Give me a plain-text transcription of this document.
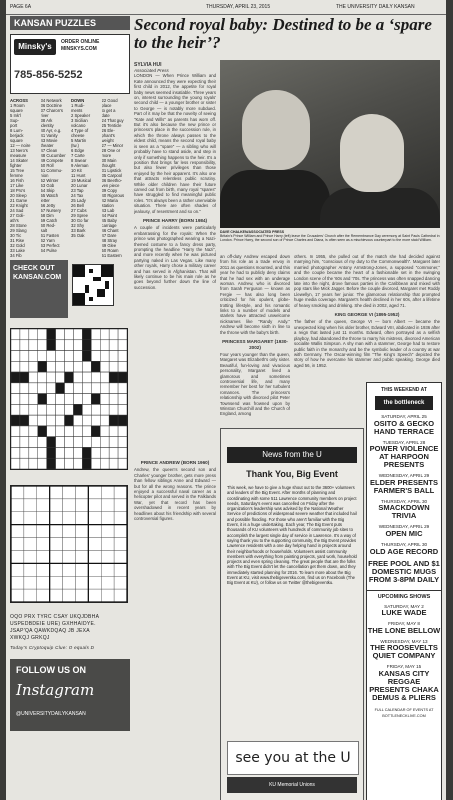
PAGE 6A	THURSDAY, APRIL 23, 2015	THE UNIVERSITY DAILY KANSAN
KANSAN PUZZLES
Minsky's	ORDER ONLINE
MINSKYS.COM
785-856-5252
ACROSS
1 Room
square
5 Ink'l
Sup-
port
8 Lum-
berjack
square
12 — noire
13 Nero's
measure
14 Skater
fighter
15 Tree
femme
16 Fish
17 Like
18 Pro's
20 Sleep
21 Game
22 Knight
24 Sad
27 Goli-
ath's
28 Stone
29 Slang
30 Tic
31 Rise
32 Gold
33 Lake
34 Fib

34 Network
36 Doctrine
37 Charon's
river
38 Ark
identity
40 Ayr, e.g.
41 Vanity
43 Movie
theater
47 Clean
48 Cucumber
49 Compete
50 Roll
51 Commu-
nion
52 Winter
53 Gob
54 Skip
55 Watch
letter
56 Jetty
57 Nursery
58 Dim
59 Catch
60 Red-
salt
61 Fasten
62 Yarn
63 Perfect
64 Pulse
DOWN
1 Rudi-
ments
2 Speaker
3 Sicilian
volcano
4 Type of
cheese
5 Martin
(tw.)
6 Edge
7 Carte
8 Swear
9 Aleman
10 Kit
11 Hunt
19 Musical
20 Lunar
23 Tap
24 Tax
25 Lady
26 Bell
27 Cubs
29 Spree
30 Go far
32 Shy
33 Bark
35 Oak
22 Good
place
to get a
date
24 That guy
25 Tenticle
26 Ele-
phant's
weight
27 — Minor
28 One or
more
30 Main
thought
31 Lipstick
35 Carpool
36 Beetho-
ven piece
39 Copy
40 Rigorous
42 Maria
station
43 Lab
44 Paint
45 Baby
carriage
46 Chant
47 Dare
48 Stray
49 Glee
50 Roam
51 Eastern

CHECK OUT KANSAN.COM

OQO PRX TYRC CSAY UKQJDBHA
USPEDBDEIE URE) GXHHAIDYE.
JSAP'QA QAWKDQAQ JB JEXA
XWKQJ GRKQJ
Today's Cryptoquip Clue: O equals D
FOLLOW US ON
Instagram
@UNIVERSITYDAILYKANSAN
Second royal baby: Destined to be a ‘spare to the heir’?
SYLVIA HUI
Associated Press
LONDON — When Prince William and Kate announced they were expecting their first child in 2012, the appetite for royal baby news seemed insatiable. Three years on, interest surrounding the young royals' second child — a younger brother or sister to George — is notably more subdued. Part of it may be that the novelty of seeing "Kate and Wills" as parents has worn off. But it's also because the new prince or princess's place in the succession rule, in which the throne always passes to the eldest child, means the second royal baby is seen as a "spare" — a sibling who will probably have to stand aside, and step in only if something happens to the heir. It's a position that brings far less responsibility, but also fewer privileges than those enjoyed by the heir apparent. It's also one that attracts relentless public scrutiny. While older children have their future carved out from birth, many royal "spares" have struggled to find meaningful public roles. "It's always been a rather unenviable situation. There are often shades of jealousy, of resentment and so on."
PRINCE HARRY (BORN 1984)
A couple of incidents were particularly embarrassing for the royals: When the prince was photographed wearing a Nazi-themed costume to a fancy dress party, prompting the headline "Harry the Nazi", and more recently when he was pictured partying naked in Las Vegas. Like many other royals, Harry chose a military career and has served in Afghanistan. That will likely continue to be his main role as he goes beyond further down the line of succession.
PRINCE ANDREW (BORN 1960)
Andrew, the queen's second son and Charles' younger brother, gets more press than fellow siblings Anne and Edward — but for all the wrong reasons. The prince enjoyed a successful naval career as a helicopter pilot and served in the Falklands War, yet that record has been overshadowed in recent years by headlines about his friendship with several controversial figures.
DAVE CHALKEN/ASSOCIATED PRESS
Britain's Prince William and Prince Harry (left) leave the Crusaders' Church after the Remembrance Day ceremony at Saint Pauls Cathedral in London. Prince Harry, the second son of Prince Charles and Diana, is often seen as a mischievous counterpart to the more staid William.
an off-duty Andrew escaped down from his role as a trade envoy in 2011 as questions mounted, and this year he had to publicly deny claims that he had sex with an underage woman. Andrew, who is divorced from Sarah Ferguson — known as Fergie — has also long been criticized for his opulent, globe-trotting lifestyle, and his romantic links to a number of models and starlets have attracted unwelcome nicknames like "Randy Andy." Andrew will become sixth in line to the throne with the baby's birth.
PRINCESS MARGARET (1930-2002)
Four years younger than the queen, Margaret was Elizabeth's only sister. Beautiful, fun-loving and vivacious personality, Margaret lived a glamorous and sometimes controversial life, and many remember her best for her turbulent romances. The princess's relationship with divorced pilot Peter Townsend was frowned upon by Winston Churchill and the Church of England, among
others. In 1955, she pulled out of the match she had decided against marrying him, "conscious of my duty to the Commonwealth". Margaret later married photographer Antony Armstrong-Jones, a supposed "commoner," and the couple became the heart of a fashionable set in the swinging London scene of the '60s and '70s. The princess was often snapped dancing late into the night, drove famous parties in the Caribbean and mixed with pop stars like Mick Jagger. Before the couple divorced, Margaret met Roddy Llewellyn, 17 years her junior. The glamorous relationship that prompted huge media coverage. Margaret's health declined in her 60s, after a lifetime of heavy smoking and drinking. She died in 2002, aged 71.
KING GEORGE VI (1895-1952)
The father of the queen, George VI — born Albert — became the unexpected king when his older brother, Edward VIII, abdicated in 1936 after a reign that lasted just 11 months. Edward, often portrayed as a selfish playboy, had abandoned the throne to marry his mistress, divorced American socialite Wallis Simpson. A shy man with a stammer, George had to restore public faith in the monarchy and be the symbolic leader of a country at war with Germany. The Oscar-winning film "The King's Speech" depicted the story of how he overcame his stammer and public speaking. George died aged 56, in 1952.
News from the U
Thank You, Big Event
This week, we have to give a huge shout out to the 3600+ volunteers and leaders of the Big Event. After months of planning and coordinating with some 511 Lawrence community members on project needs, Saturday's event was cancelled on Friday after the organization's leadership was advised by the National Weather Service of predictions of widespread severe weather that included hail and possible flooding. For those who aren't familiar with the Big Event, it is a huge undertaking. Each year, The Big Event puts thousands of KU volunteers with hundreds of community job sites to accomplish the largest single day of service in Lawrence. It's a way of saying thank you to the supporting community, the Big Event provides Lawrence residents with a one day helping hand in projects around their neighborhoods or households. Volunteers assist community members with everything from painting projects, yard work, household projects and even spring cleaning. The great people that are the folks with The Big Event didn't let the cancellation get them down, and they immediately started planning for 2016. To learn more about the Big Event at KU, visit www.thebigeventku.com, find us on Facebook (The Big Event at KU), or follow us on Twitter @thebigeventku.
see you at the U
KU Memorial Unions
THIS WEEKEND AT
the bottleneck
SATURDAY, APRIL 25
OSITO & GECKO HAND TERRACE
TUESDAY, APRIL 28
POWER VIOLENCE AT HARPOON PRESENTS
WEDNESDAY, APRIL 29
ELDER PRESENTS FARMER'S BALL
THURSDAY, APRIL 30
SMACKDOWN TRIVIA
WEDNESDAY, APRIL 29
OPEN MIC
THURSDAY, APRIL 30
OLD AGE RECORD
FREE POOL AND $1 DOMESTIC MUGS FROM 3-8PM DAILY
UPCOMING SHOWS
SATURDAY, MAY 2
LUKE WADE
FRIDAY, MAY 8
THE LONE BELLOW
WEDNESDAY, MAY 13
THE ROOSEVELTS QUIET COMPANY
FRIDAY, MAY 15
KANSAS CITY REGGAE PRESENTS CHAKA DEMUS & PLIERS
FULL CALENDAR OF EVENTS AT BOTTLENECKLIVE.COM
